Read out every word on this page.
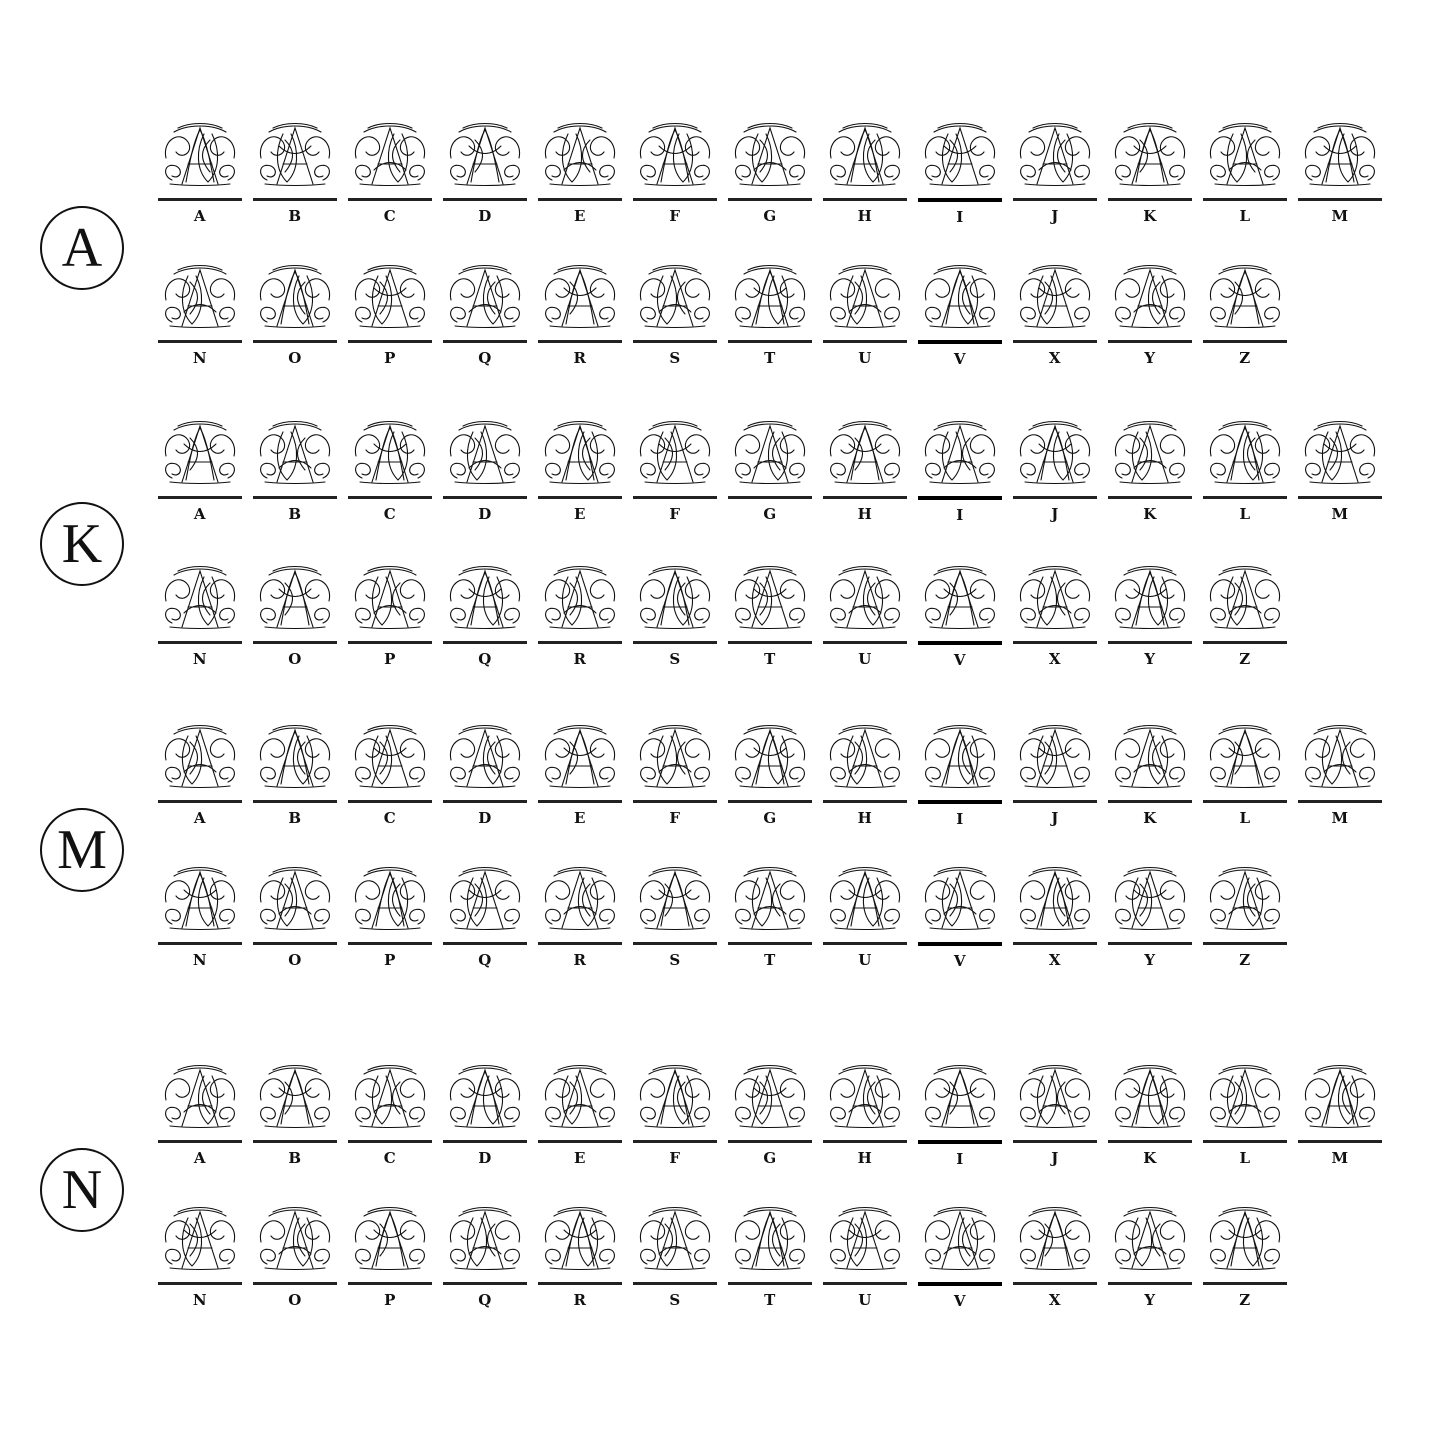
A
A	B	C	D	E	F	G	H	I	J	K	L	M
N	O	P	Q	R	S	T	U	V	X	Y	Z
K	A	B	C	D	E	F	G	H	I	J	K	L	M
N	O	P	Q	R	S	T	U	V	X	Y	Z
M
A	B	C	D	E	F	G	H	I	J	K	L	M
N	O	P	Q	R	S	T	U	V	X	Y	Z
N
A	B	C	D	E	F	G	H	I	J	K	L	M
N	O	P	Q	R	S	T	U	V	X	Y	Z
